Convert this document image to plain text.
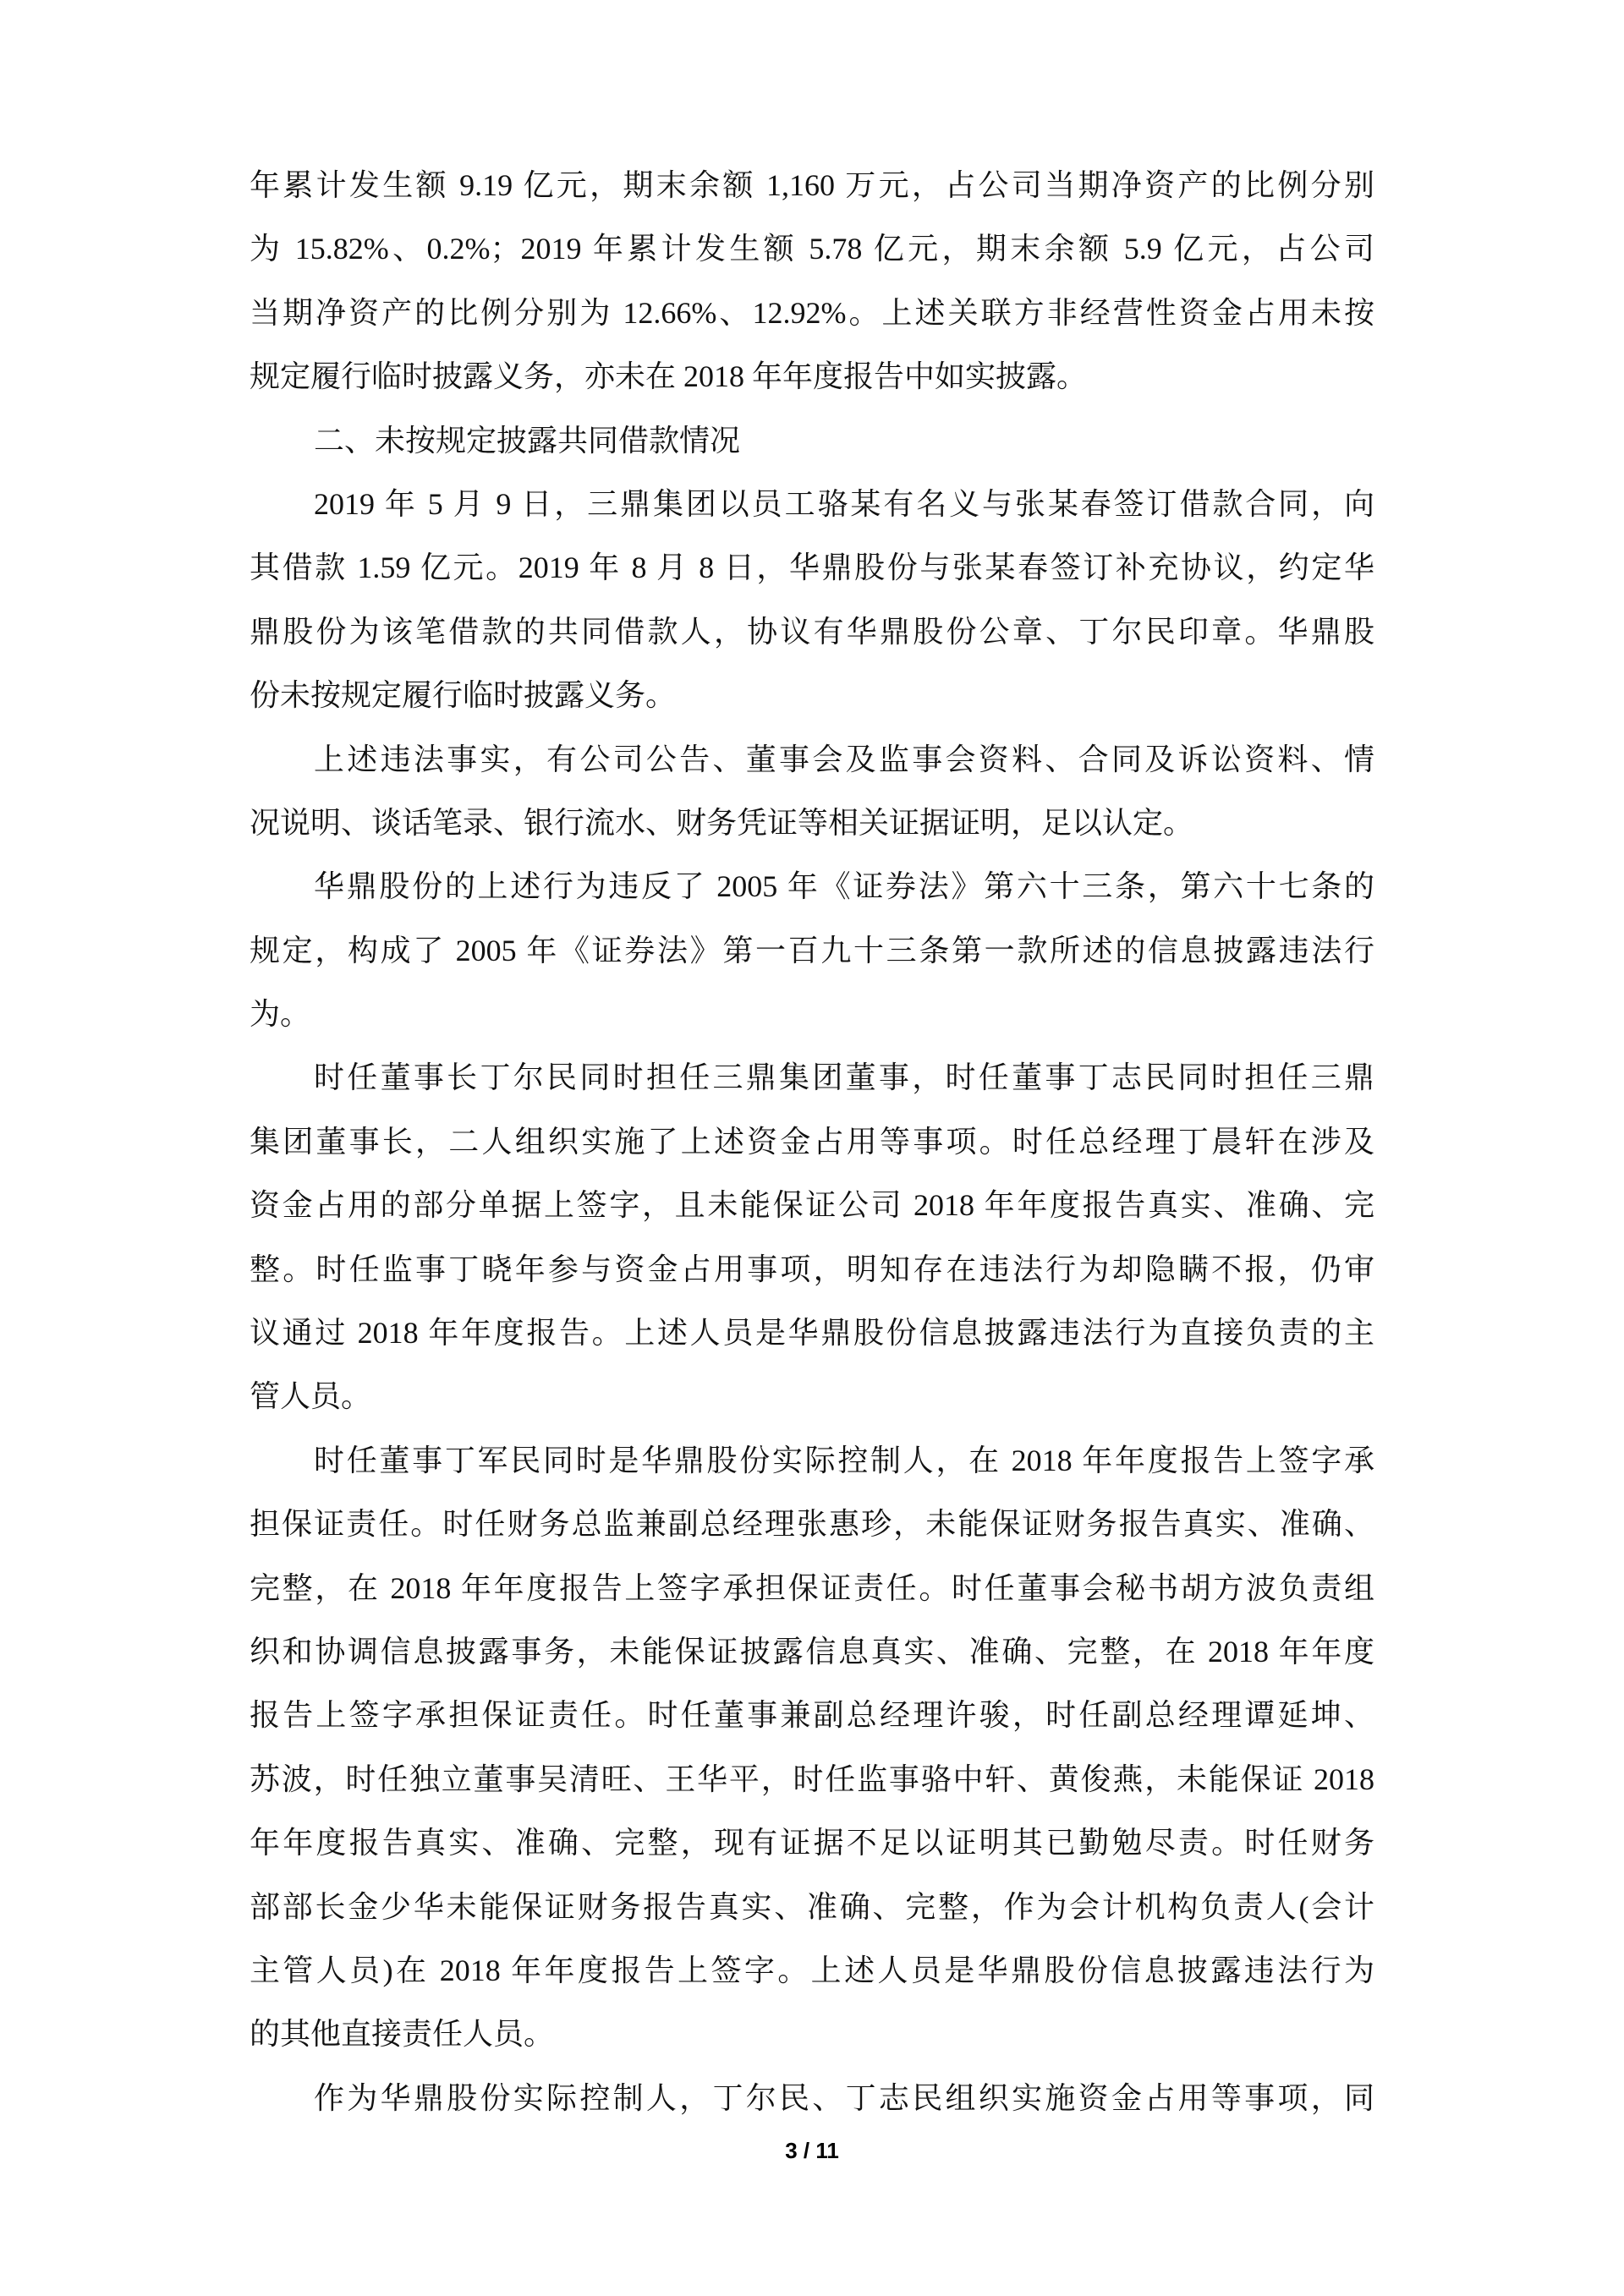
年累计发生额 9.19 亿元，期末余额 1,160 万元，占公司当期净资产的比例分别
为 15.82%、0.2%；2019 年累计发生额 5.78 亿元，期末余额 5.9 亿元，占公司
当期净资产的比例分别为 12.66%、12.92%。上述关联方非经营性资金占用未按
规定履行临时披露义务，亦未在 2018 年年度报告中如实披露。
二、未按规定披露共同借款情况
2019 年 5 月 9 日，三鼎集团以员工骆某有名义与张某春签订借款合同，向
其借款 1.59 亿元。2019 年 8 月 8 日，华鼎股份与张某春签订补充协议，约定华
鼎股份为该笔借款的共同借款人，协议有华鼎股份公章、丁尔民印章。华鼎股
份未按规定履行临时披露义务。
上述违法事实，有公司公告、董事会及监事会资料、合同及诉讼资料、情
况说明、谈话笔录、银行流水、财务凭证等相关证据证明，足以认定。
华鼎股份的上述行为违反了 2005 年《证券法》第六十三条，第六十七条的
规定，构成了 2005 年《证券法》第一百九十三条第一款所述的信息披露违法行
为。
时任董事长丁尔民同时担任三鼎集团董事，时任董事丁志民同时担任三鼎
集团董事长，二人组织实施了上述资金占用等事项。时任总经理丁晨轩在涉及
资金占用的部分单据上签字，且未能保证公司 2018 年年度报告真实、准确、完
整。时任监事丁晓年参与资金占用事项，明知存在违法行为却隐瞒不报，仍审
议通过 2018 年年度报告。上述人员是华鼎股份信息披露违法行为直接负责的主
管人员。
时任董事丁军民同时是华鼎股份实际控制人，在 2018 年年度报告上签字承
担保证责任。时任财务总监兼副总经理张惠珍，未能保证财务报告真实、准确、
完整，在 2018 年年度报告上签字承担保证责任。时任董事会秘书胡方波负责组
织和协调信息披露事务，未能保证披露信息真实、准确、完整，在 2018 年年度
报告上签字承担保证责任。时任董事兼副总经理许骏，时任副总经理谭延坤、
苏波，时任独立董事吴清旺、王华平，时任监事骆中轩、黄俊燕，未能保证 2018
年年度报告真实、准确、完整，现有证据不足以证明其已勤勉尽责。时任财务
部部长金少华未能保证财务报告真实、准确、完整，作为会计机构负责人(会计
主管人员)在 2018 年年度报告上签字。上述人员是华鼎股份信息披露违法行为
的其他直接责任人员。
作为华鼎股份实际控制人，丁尔民、丁志民组织实施资金占用等事项，同
3 / 11
